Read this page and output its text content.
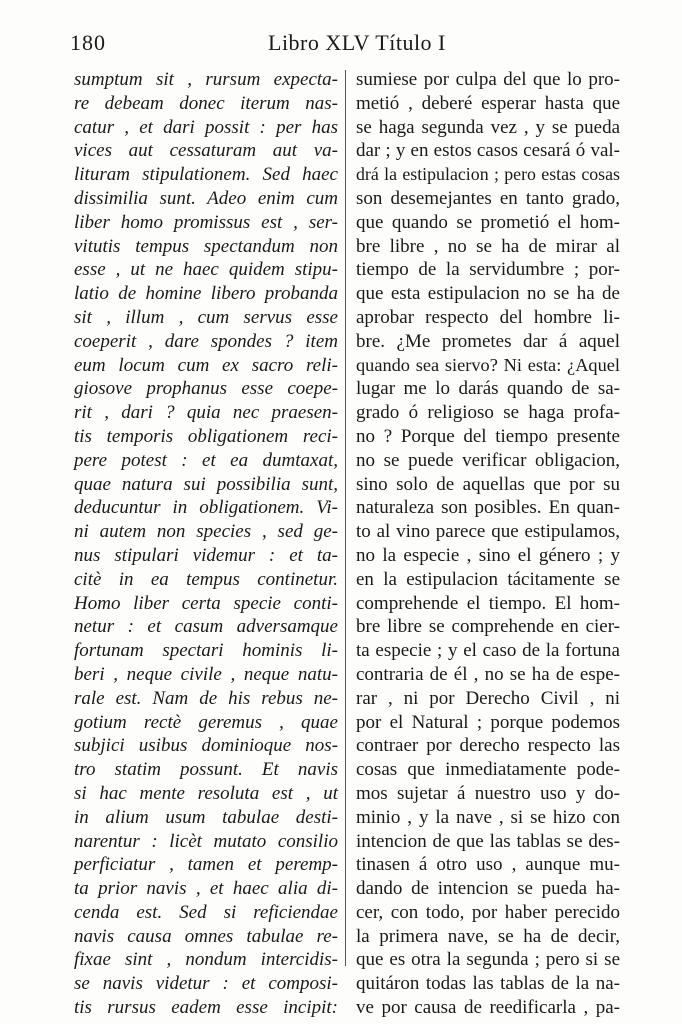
180	Libro XLV Título I
sumptum sit , rursum expecta-
re debeam donec iterum nas-
catur , et dari possit : per has
vices aut cessaturam aut va-
lituram stipulationem. Sed haec
dissimilia sunt. Adeo enim cum
liber homo promissus est , ser-
vitutis tempus spectandum non
esse , ut ne haec quidem stipu-
latio de homine libero probanda
sit , illum , cum servus esse
coeperit , dare spondes ? item
eum locum cum ex sacro reli-
giosove prophanus esse coepe-
rit , dari ? quia nec praesen-
tis temporis obligationem reci-
pere potest : et ea dumtaxat,
quae natura sui possibilia sunt,
deducuntur in obligationem. Vi-
ni autem non species , sed ge-
nus stipulari videmur : et ta-
citè in ea tempus continetur.
Homo liber certa specie conti-
netur : et casum adversamque
fortunam spectari hominis li-
beri , neque civile , neque natu-
rale est. Nam de his rebus ne-
gotium rectè geremus , quae
subjici usibus dominioque nos-
tro statim possunt. Et navis
si hac mente resoluta est , ut
in alium usum tabulae desti-
narentur : licèt mutato consilio
perficiatur , tamen et peremp-
ta prior navis , et haec alia di-
cenda est. Sed si reficiendae
navis causa omnes tabulae re-
fixae sint , nondum intercidis-
se navis videtur : et composi-
tis rursus eadem esse incipit:
sumiese por culpa del que lo pro-
metió , deberé esperar hasta que
se haga segunda vez , y se pueda
dar ; y en estos casos cesará ó val-
drá la estipulacion ; pero estas cosas
son desemejantes en tanto grado,
que quando se prometió el hom-
bre libre , no se ha de mirar al
tiempo de la servidumbre ; por-
que esta estipulacion no se ha de
aprobar respecto del hombre li-
bre. ¿Me prometes dar á aquel
quando sea siervo? Ni esta: ¿Aquel
lugar me lo darás quando de sa-
grado ó religioso se haga profa-
no ? Porque del tiempo presente
no se puede verificar obligacion,
sino solo de aquellas que por su
naturaleza son posibles. En quan-
to al vino parece que estipulamos,
no la especie , sino el género ; y
en la estipulacion tácitamente se
comprehende el tiempo. El hom-
bre libre se comprehende en cier-
ta especie ; y el caso de la fortuna
contraria de él , no se ha de espe-
rar , ni por Derecho Civil , ni
por el Natural ; porque podemos
contraer por derecho respecto las
cosas que inmediatamente pode-
mos sujetar á nuestro uso y do-
minio , y la nave , si se hizo con
intencion de que las tablas se des-
tinasen á otro uso , aunque mu-
dando de intencion se pueda ha-
cer, con todo, por haber perecido
la primera nave, se ha de decir,
que es otra la segunda ; pero si se
quitáron todas las tablas de la na-
ve por causa de reedificarla , pa-
